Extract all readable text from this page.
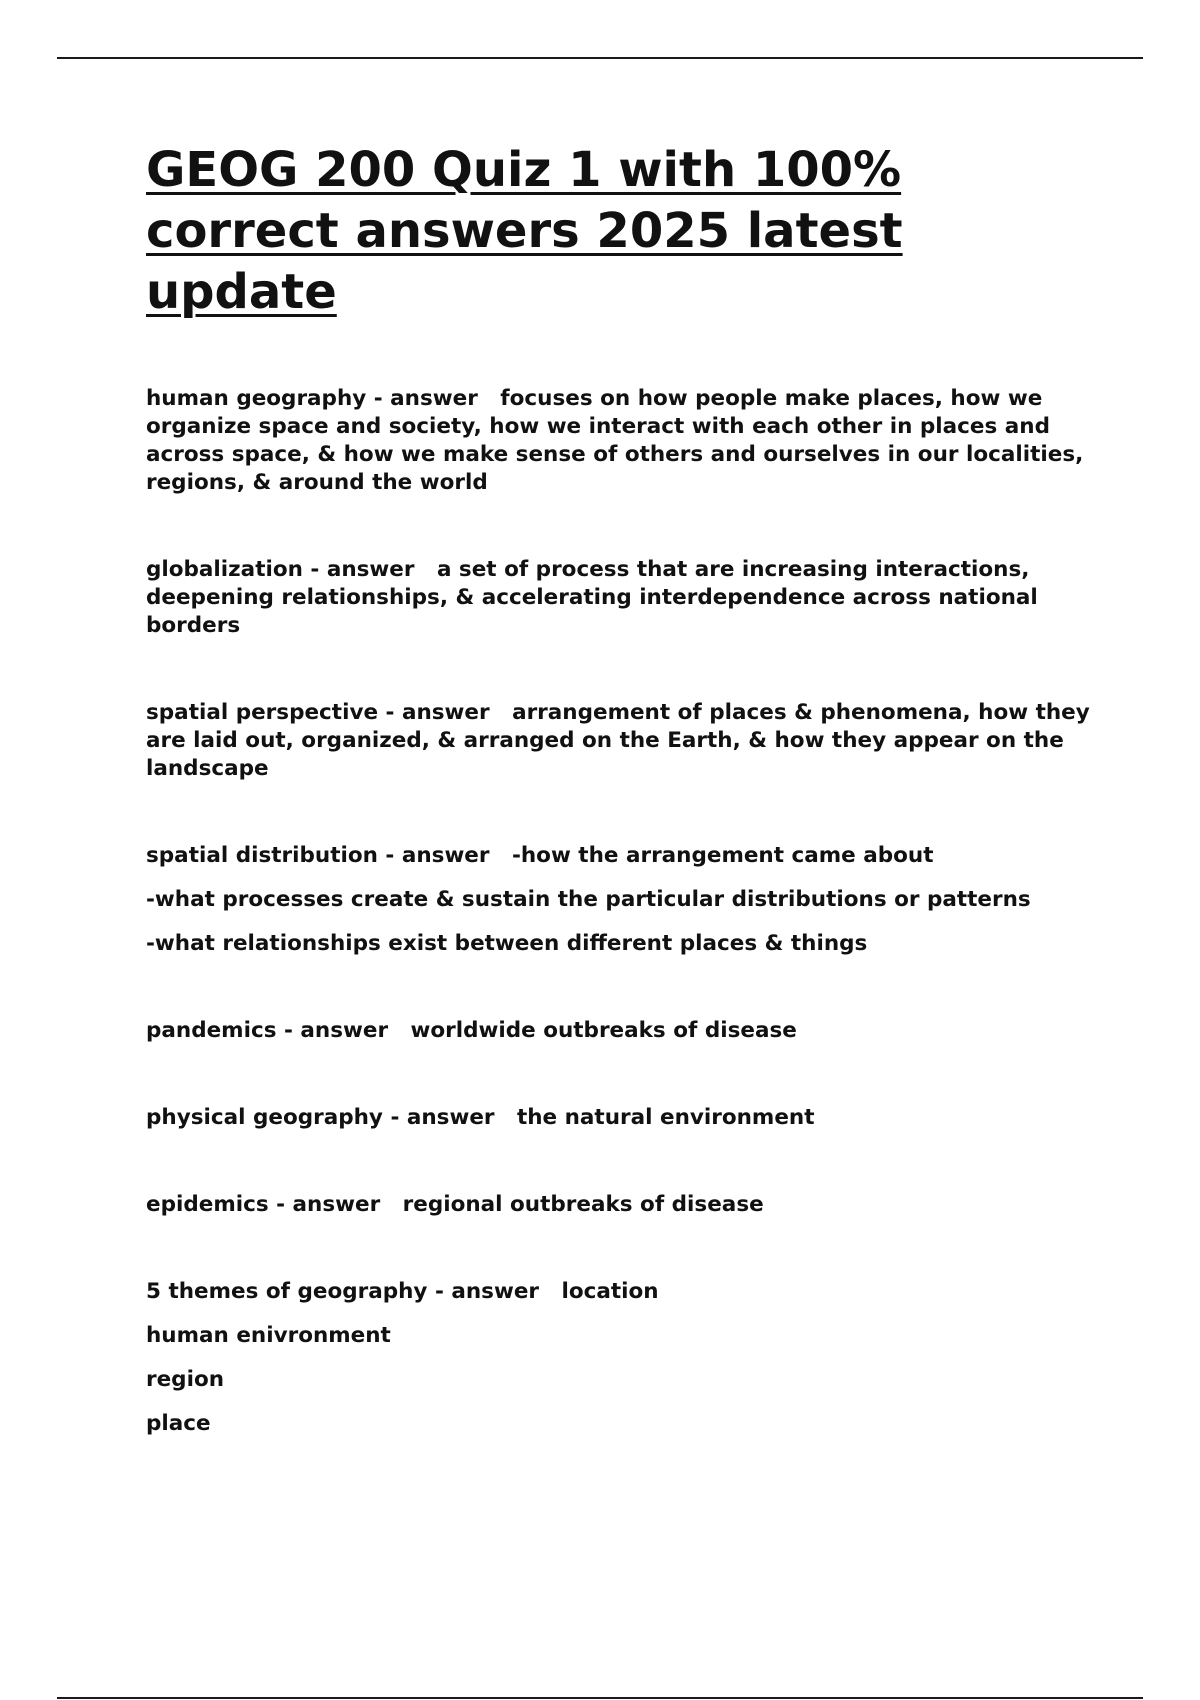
GEOG 200 Quiz 1 with 100% correct answers 2025 latest update
human geography - answer   focuses on how people make places, how we organize space and society, how we interact with each other in places and across space, & how we make sense of others and ourselves in our localities, regions, & around the world
globalization - answer   a set of process that are increasing interactions, deepening relationships, & accelerating interdependence across national borders
spatial perspective - answer   arrangement of places & phenomena, how they are laid out, organized, & arranged on the Earth, & how they appear on the landscape
spatial distribution - answer   -how the arrangement came about
-what processes create & sustain the particular distributions or patterns
-what relationships exist between different places & things
pandemics - answer   worldwide outbreaks of disease
physical geography - answer   the natural environment
epidemics - answer   regional outbreaks of disease
5 themes of geography - answer   location
human enivronment
region
place
